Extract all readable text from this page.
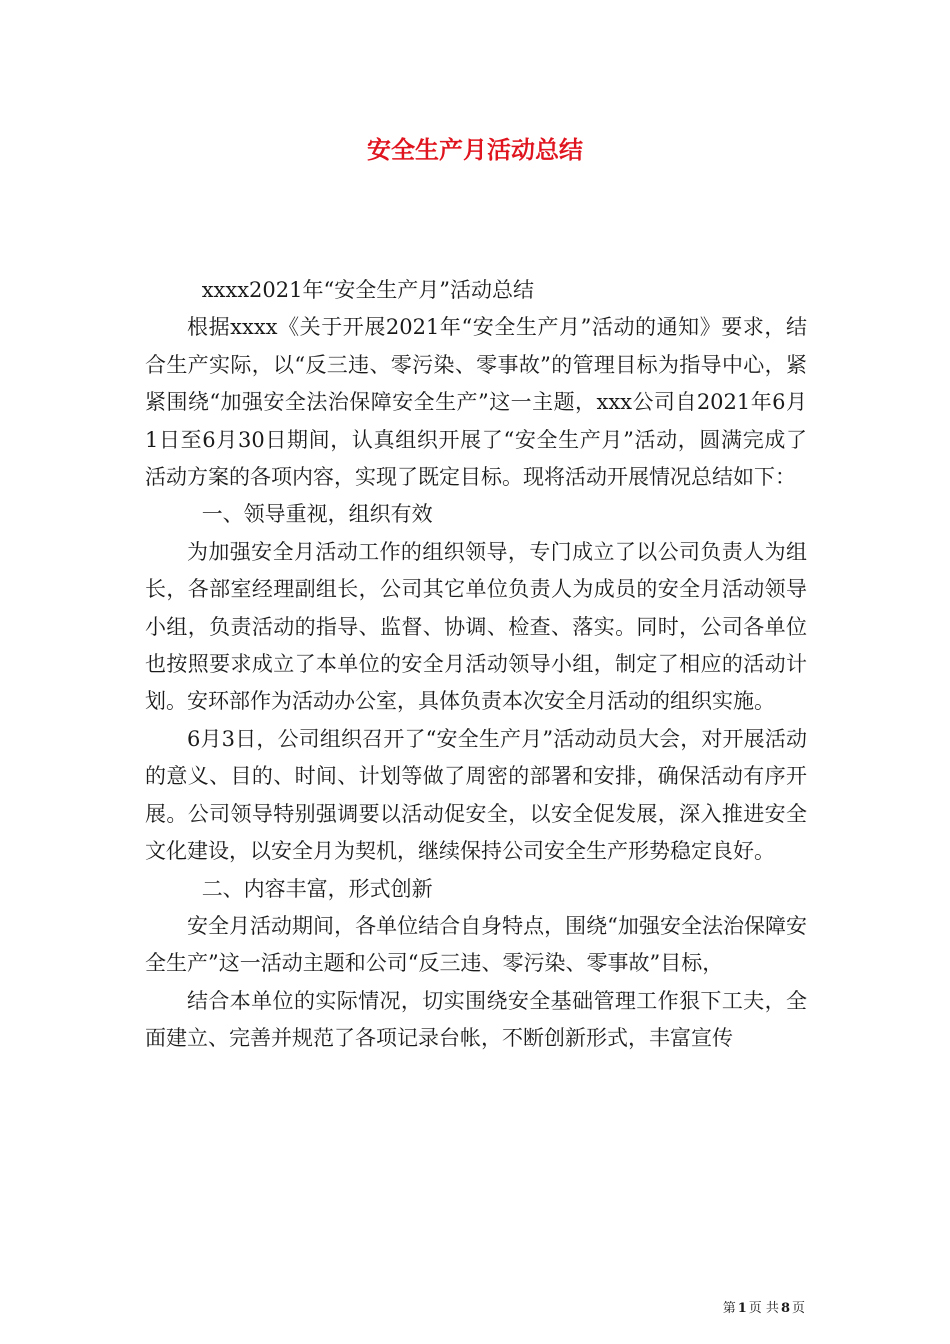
安全生产月活动总结

xxxx2021年“安全生产月”活动总结

根据xxxx《关于开展2021年“安全生产月”活动的通知》要求，结合生产实际，以“反三违、零污染、零事故”的管理目标为指导中心，紧紧围绕“加强安全法治保障安全生产”这一主题，xxx公司自2021年6月1日至6月30日期间，认真组织开展了“安全生产月”活动，圆满完成了活动方案的各项内容，实现了既定目标。现将活动开展情况总结如下：

一、领导重视，组织有效

为加强安全月活动工作的组织领导，专门成立了以公司负责人为组长，各部室经理副组长，公司其它单位负责人为成员的安全月活动领导小组，负责活动的指导、监督、协调、检查、落实。同时，公司各单位也按照要求成立了本单位的安全月活动领导小组，制定了相应的活动计划。安环部作为活动办公室，具体负责本次安全月活动的组织实施。

6月3日，公司组织召开了“安全生产月”活动动员大会，对开展活动的意义、目的、时间、计划等做了周密的部署和安排，确保活动有序开展。公司领导特别强调要以活动促安全，以安全促发展，深入推进安全文化建设，以安全月为契机，继续保持公司安全生产形势稳定良好。

二、内容丰富，形式创新

安全月活动期间，各单位结合自身特点，围绕“加强安全法治保障安全生产”这一活动主题和公司“反三违、零污染、零事故”目标，

结合本单位的实际情况，切实围绕安全基础管理工作狠下工夫，全面建立、完善并规范了各项记录台帐，不断创新形式，丰富宣传

第 1 页 共 8 页
